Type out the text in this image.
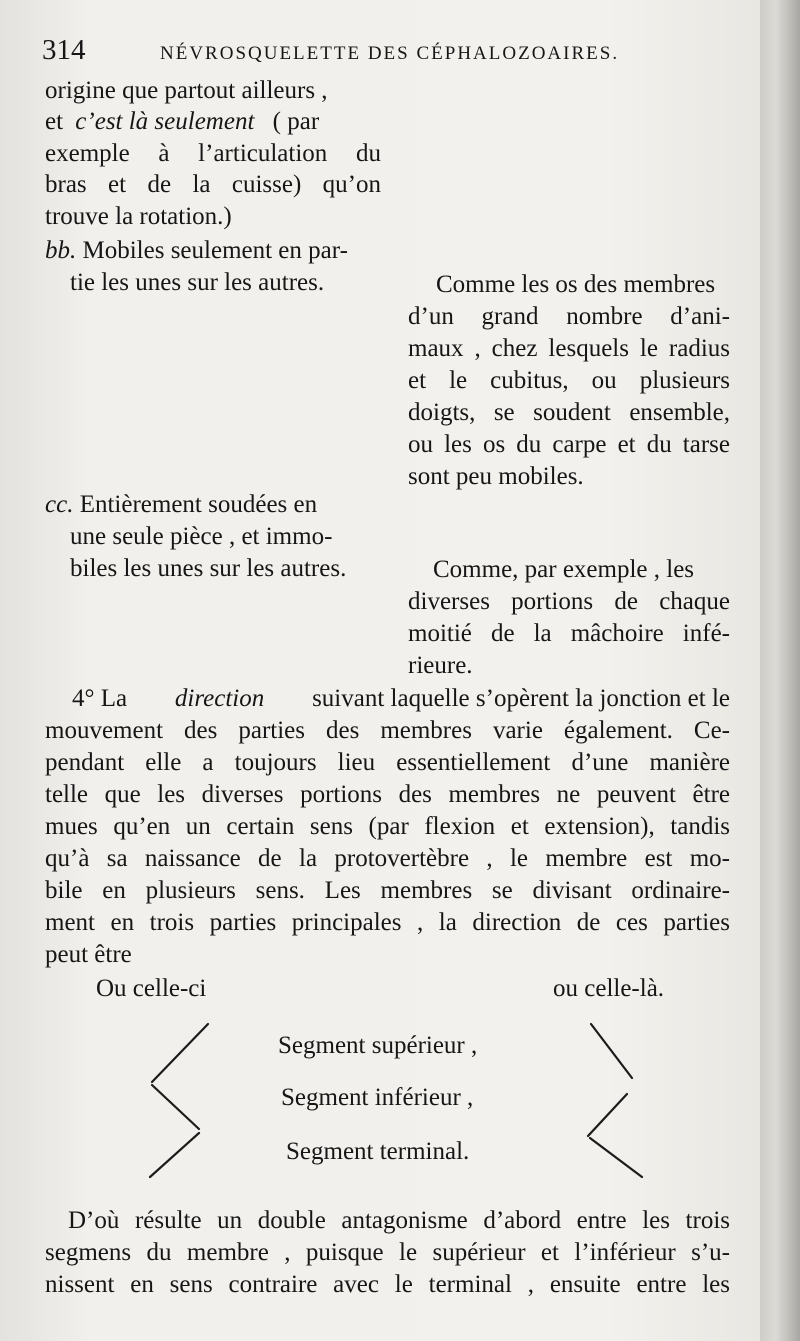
314	NÉVROSQUELETTE DES CÉPHALOZOAIRES.
origine que partout ailleurs ,
et c’est là seulement ( par
exemple à l’articulation du
bras et de la cuisse) qu’on
trouve la rotation.)
bb. Mobiles seulement en par-
tie les unes sur les autres.
cc. Entièrement soudées en
une seule pièce , et immo-
biles les unes sur les autres.
Comme les os des membres
d’un grand nombre d’ani-
maux , chez lesquels le radius
et le cubitus, ou plusieurs
doigts, se soudent ensemble,
ou les os du carpe et du tarse
sont peu mobiles.
Comme, par exemple , les
diverses portions de chaque
moitié de la mâchoire infé-
rieure.
4° La direction suivant laquelle s’opèrent la jonction et le
mouvement des parties des membres varie également. Ce-
pendant elle a toujours lieu essentiellement d’une manière
telle que les diverses portions des membres ne peuvent être
mues qu’en un certain sens (par flexion et extension), tandis
qu’à sa naissance de la protovertèbre , le membre est mo-
bile en plusieurs sens. Les membres se divisant ordinaire-
ment en trois parties principales , la direction de ces parties
peut être
Ou celle-ci	ou celle-là.
Segment supérieur ,
Segment inférieur ,
Segment terminal.
D’où résulte un double antagonisme d’abord entre les trois
segmens du membre , puisque le supérieur et l’inférieur s’u-
nissent en sens contraire avec le terminal , ensuite entre les
